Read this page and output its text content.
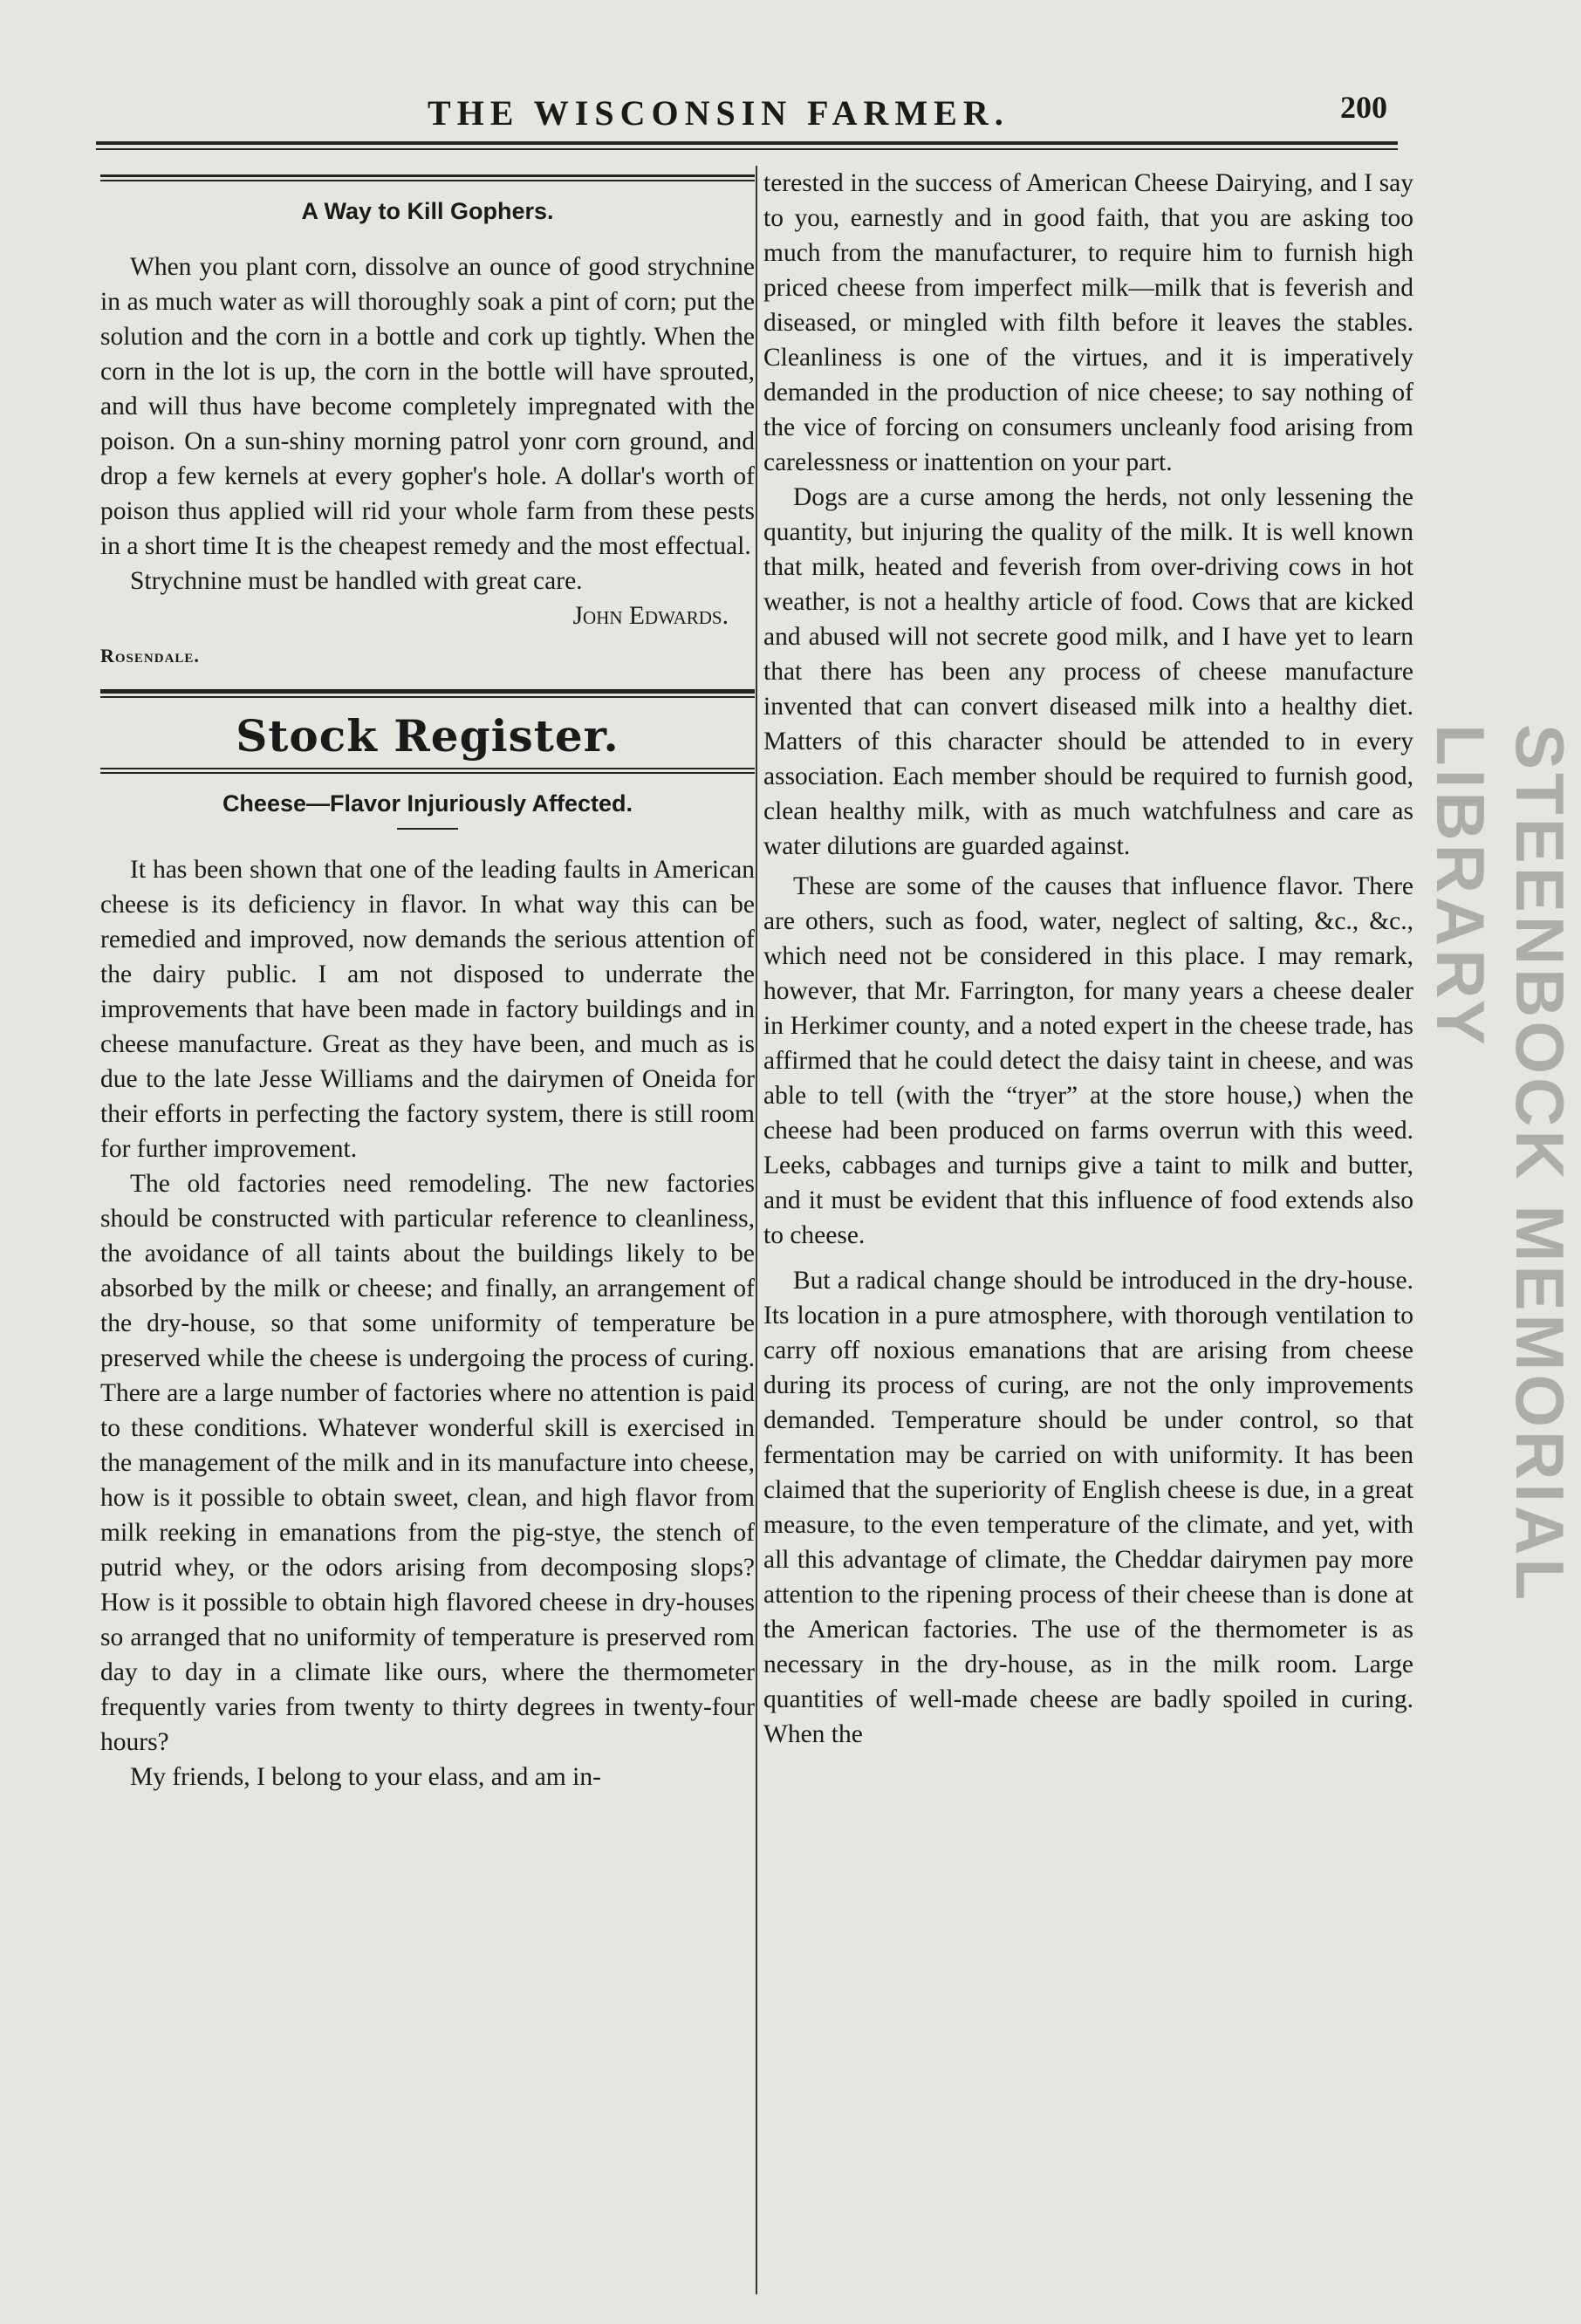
THE WISCONSIN FARMER.	200
A Way to Kill Gophers.

When you plant corn, dissolve an ounce of good strychnine in as much water as will thoroughly soak a pint of corn; put the solution and the corn in a bottle and cork up tightly. When the corn in the lot is up, the corn in the bottle will have sprouted, and will thus have become completely impregnated with the poison. On a sun-shiny morning patrol yonr corn ground, and drop a few kernels at every gopher's hole. A dollar's worth of poison thus applied will rid your whole farm from these pests in a short time It is the cheapest remedy and the most effectual.

Strychnine must be handled with great care.

John Edwards.
Rosendale.
Stock Register.
Cheese—Flavor Injuriously Affected.

It has been shown that one of the leading faults in American cheese is its deficiency in flavor. In what way this can be remedied and improved, now demands the serious attention of the dairy public. I am not disposed to underrate the improvements that have been made in factory buildings and in cheese manufacture. Great as they have been, and much as is due to the late Jesse Williams and the dairymen of Oneida for their efforts in perfecting the factory system, there is still room for further improvement.

The old factories need remodeling. The new factories should be constructed with particular reference to cleanliness, the avoidance of all taints about the buildings likely to be absorbed by the milk or cheese; and finally, an arrangement of the dry-house, so that some uniformity of temperature be preserved while the cheese is undergoing the process of curing. There are a large number of factories where no attention is paid to these conditions. Whatever wonderful skill is exercised in the management of the milk and in its manufacture into cheese, how is it possible to obtain sweet, clean, and high flavor from milk reeking in emanations from the pig-stye, the stench of putrid whey, or the odors arising from decomposing slops? How is it possible to obtain high flavored cheese in dry-houses so arranged that no uniformity of temperature is preserved rom day to day in a climate like ours, where the thermometer frequently varies from twenty to thirty degrees in twenty-four hours?

My friends, I belong to your elass, and am in-

terested in the success of American Cheese Dairying, and I say to you, earnestly and in good faith, that you are asking too much from the manufacturer, to require him to furnish high priced cheese from imperfect milk—milk that is feverish and diseased, or mingled with filth before it leaves the stables. Cleanliness is one of the virtues, and it is imperatively demanded in the production of nice cheese; to say nothing of the vice of forcing on consumers uncleanly food arising from carelessness or inattention on your part.

Dogs are a curse among the herds, not only lessening the quantity, but injuring the quality of the milk. It is well known that milk, heated and feverish from over-driving cows in hot weather, is not a healthy article of food. Cows that are kicked and abused will not secrete good milk, and I have yet to learn that there has been any process of cheese manufacture invented that can convert diseased milk into a healthy diet. Matters of this character should be attended to in every association. Each member should be required to furnish good, clean healthy milk, with as much watchfulness and care as water dilutions are guarded against.

These are some of the causes that influence flavor. There are others, such as food, water, neglect of salting, &c., &c., which need not be considered in this place. I may remark, however, that Mr. Farrington, for many years a cheese dealer in Herkimer county, and a noted expert in the cheese trade, has affirmed that he could detect the daisy taint in cheese, and was able to tell (with the “tryer” at the store house,) when the cheese had been produced on farms overrun with this weed. Leeks, cabbages and turnips give a taint to milk and butter, and it must be evident that this influence of food extends also to cheese.

But a radical change should be introduced in the dry-house. Its location in a pure atmosphere, with thorough ventilation to carry off noxious emanations that are arising from cheese during its process of curing, are not the only improvements demanded. Temperature should be under control, so that fermentation may be carried on with uniformity. It has been claimed that the superiority of English cheese is due, in a great measure, to the even temperature of the climate, and yet, with all this advantage of climate, the Cheddar dairymen pay more attention to the ripening process of their cheese than is done at the American factories. The use of the thermometer is as necessary in the dry-house, as in the milk room. Large quantities of well-made cheese are badly spoiled in curing. When the

STEENBOCK MEMORIAL LIBRARY
